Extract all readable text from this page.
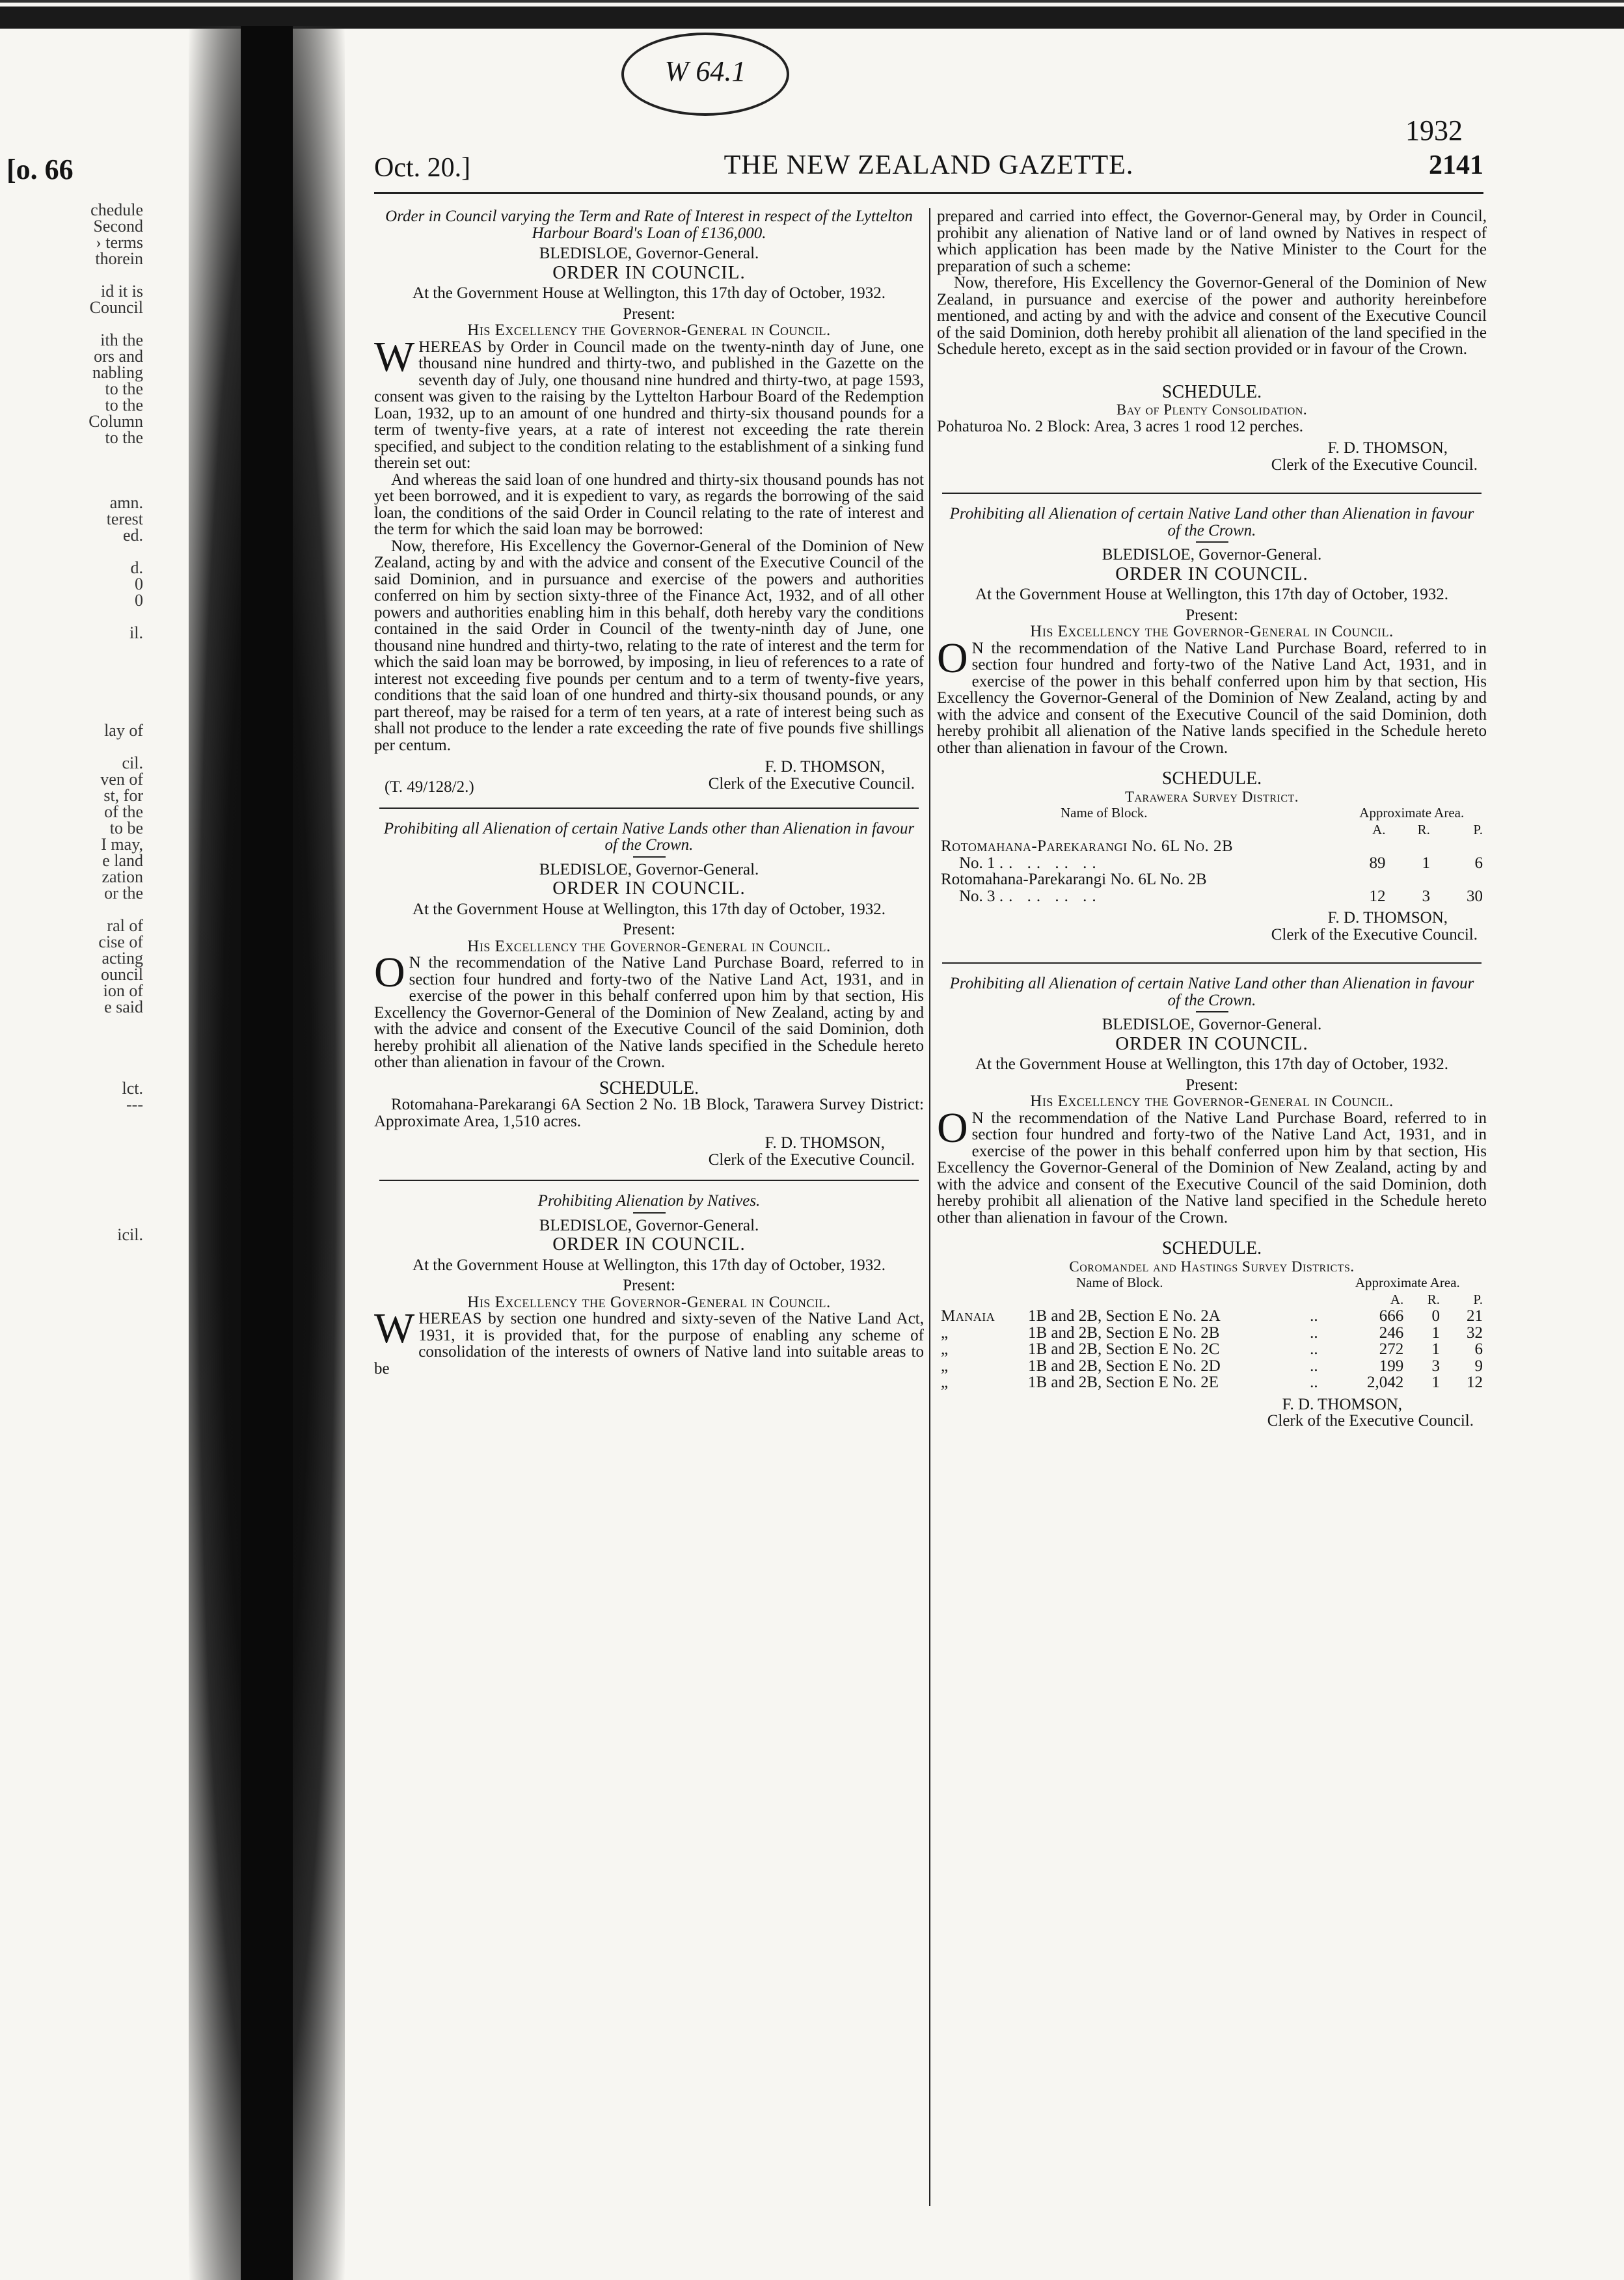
[o. 66
chedule
Second
› terms
thorein
id it is
Council
ith the
ors and
nabling
to the
to the
Column
to the
amn.
terest
ed.
d.
0
0
il.
lay of
cil.
ven of
st, for
of the
to be
I may,
e land
zation
or the
ral of
cise of
acting
ouncil
ion of
e said
lct.
---
icil.
W 64.1
1932
Oct. 20.]	THE NEW ZEALAND GAZETTE.	2141
Order in Council varying the Term and Rate of Interest in respect of the Lyttelton Harbour Board's Loan of £136,000.
BLEDISLOE, Governor-General.
ORDER IN COUNCIL.
At the Government House at Wellington, this 17th day of October, 1932.
Present:
His Excellency the Governor-General in Council.

WHEREAS by Order in Council made on the twenty-ninth day of June, one thousand nine hundred and thirty-two, and published in the Gazette on the seventh day of July, one thousand nine hundred and thirty-two, at page 1593, consent was given to the raising by the Lyttelton Harbour Board of the Redemption Loan, 1932, up to an amount of one hundred and thirty-six thousand pounds for a term of twenty-five years, at a rate of interest not exceeding the rate therein specified, and subject to the condition relating to the establishment of a sinking fund therein set out:

And whereas the said loan of one hundred and thirty-six thousand pounds has not yet been borrowed, and it is expedient to vary, as regards the borrowing of the said loan, the conditions of the said Order in Council relating to the rate of interest and the term for which the said loan may be borrowed:

Now, therefore, His Excellency the Governor-General of the Dominion of New Zealand, acting by and with the advice and consent of the Executive Council of the said Dominion, and in pursuance and exercise of the powers and authorities conferred on him by section sixty-three of the Finance Act, 1932, and of all other powers and authorities enabling him in this behalf, doth hereby vary the conditions contained in the said Order in Council of the twenty-ninth day of June, one thousand nine hundred and thirty-two, relating to the rate of interest and the term for which the said loan may be borrowed, by imposing, in lieu of references to a rate of interest not exceeding five pounds per centum and to a term of twenty-five years, conditions that the said loan of one hundred and thirty-six thousand pounds, or any part thereof, may be raised for a term of ten years, at a rate of interest being such as shall not produce to the lender a rate exceeding the rate of five pounds five shillings per centum.

F. D. THOMSON,
Clerk of the Executive Council.
(T. 49/128/2.)
Prohibiting all Alienation of certain Native Lands other than Alienation in favour of the Crown.
BLEDISLOE, Governor-General.
ORDER IN COUNCIL.
At the Government House at Wellington, this 17th day of October, 1932.
Present:
His Excellency the Governor-General in Council.

O N the recommendation of the Native Land Purchase Board, referred to in section four hundred and forty-two of the Native Land Act, 1931, and in exercise of the power in this behalf conferred upon him by that section, His Excellency the Governor-General of the Dominion of New Zealand, acting by and with the advice and consent of the Executive Council of the said Dominion, doth hereby prohibit all alienation of the Native lands specified in the Schedule hereto other than alienation in favour of the Crown.

SCHEDULE.

Rotomahana-Parekarangi 6A Section 2 No. 1B Block, Tarawera Survey District: Approximate Area, 1,510 acres.

F. D. THOMSON,
Clerk of the Executive Council.
Prohibiting Alienation by Natives.
BLEDISLOE, Governor-General.
ORDER IN COUNCIL.
At the Government House at Wellington, this 17th day of October, 1932.
Present:
His Excellency the Governor-General in Council.

WHEREAS by section one hundred and sixty-seven of the Native Land Act, 1931, it is provided that, for the purpose of enabling any scheme of consolidation of the interests of owners of Native land into suitable areas to be

prepared and carried into effect, the Governor-General may, by Order in Council, prohibit any alienation of Native land or of land owned by Natives in respect of which application has been made by the Native Minister to the Court for the preparation of such a scheme:

Now, therefore, His Excellency the Governor-General of the Dominion of New Zealand, in pursuance and exercise of the power and authority hereinbefore mentioned, and acting by and with the advice and consent of the Executive Council of the said Dominion, doth hereby prohibit all alienation of the land specified in the Schedule hereto, except as in the said section provided or in favour of the Crown.

SCHEDULE.
Bay of Plenty Consolidation.

Pohaturoa No. 2 Block: Area, 3 acres 1 rood 12 perches.

F. D. THOMSON,
Clerk of the Executive Council.
Prohibiting all Alienation of certain Native Land other than Alienation in favour of the Crown.
BLEDISLOE, Governor-General.
ORDER IN COUNCIL.
At the Government House at Wellington, this 17th day of October, 1932.
Present:
His Excellency the Governor-General in Council.

O N the recommendation of the Native Land Purchase Board, referred to in section four hundred and forty-two of the Native Land Act, 1931, and in exercise of the power in this behalf conferred upon him by that section, His Excellency the Governor-General of the Dominion of New Zealand, acting by and with the advice and consent of the Executive Council of the said Dominion, doth hereby prohibit all alienation of the Native lands specified in the Schedule hereto other than alienation in favour of the Crown.

SCHEDULE.
Tarawera Survey District.
Name of Block.	Approximate Area.		
	A.	R.	P.
Rotomahana-Parekarangi No. 6L No. 2B			
No. 1 .. .. .. ..	89	1	6
Rotomahana-Parekarangi No. 6L No. 2B			
No. 3 .. .. .. ..	12	3	30
F. D. THOMSON,
Clerk of the Executive Council.
Prohibiting all Alienation of certain Native Land other than Alienation in favour of the Crown.
BLEDISLOE, Governor-General.
ORDER IN COUNCIL.
At the Government House at Wellington, this 17th day of October, 1932.
Present:
His Excellency the Governor-General in Council.

O N the recommendation of the Native Land Purchase Board, referred to in section four hundred and forty-two of the Native Land Act, 1931, and in exercise of the power in this behalf conferred upon him by that section, His Excellency the Governor-General of the Dominion of New Zealand, acting by and with the advice and consent of the Executive Council of the said Dominion, doth hereby prohibit all alienation of the Native land specified in the Schedule hereto other than alienation in favour of the Crown.

SCHEDULE.
Coromandel and Hastings Survey Districts.
	Name of Block.		Approximate Area.		
			A.	R.	P.
Manaia	1B and 2B, Section E No. 2A	..	666	0	21
„	1B and 2B, Section E No. 2B	..	246	1	32
„	1B and 2B, Section E No. 2C	..	272	1	6
„	1B and 2B, Section E No. 2D	..	199	3	9
„	1B and 2B, Section E No. 2E	..	2,042	1	12
F. D. THOMSON,
Clerk of the Executive Council.
